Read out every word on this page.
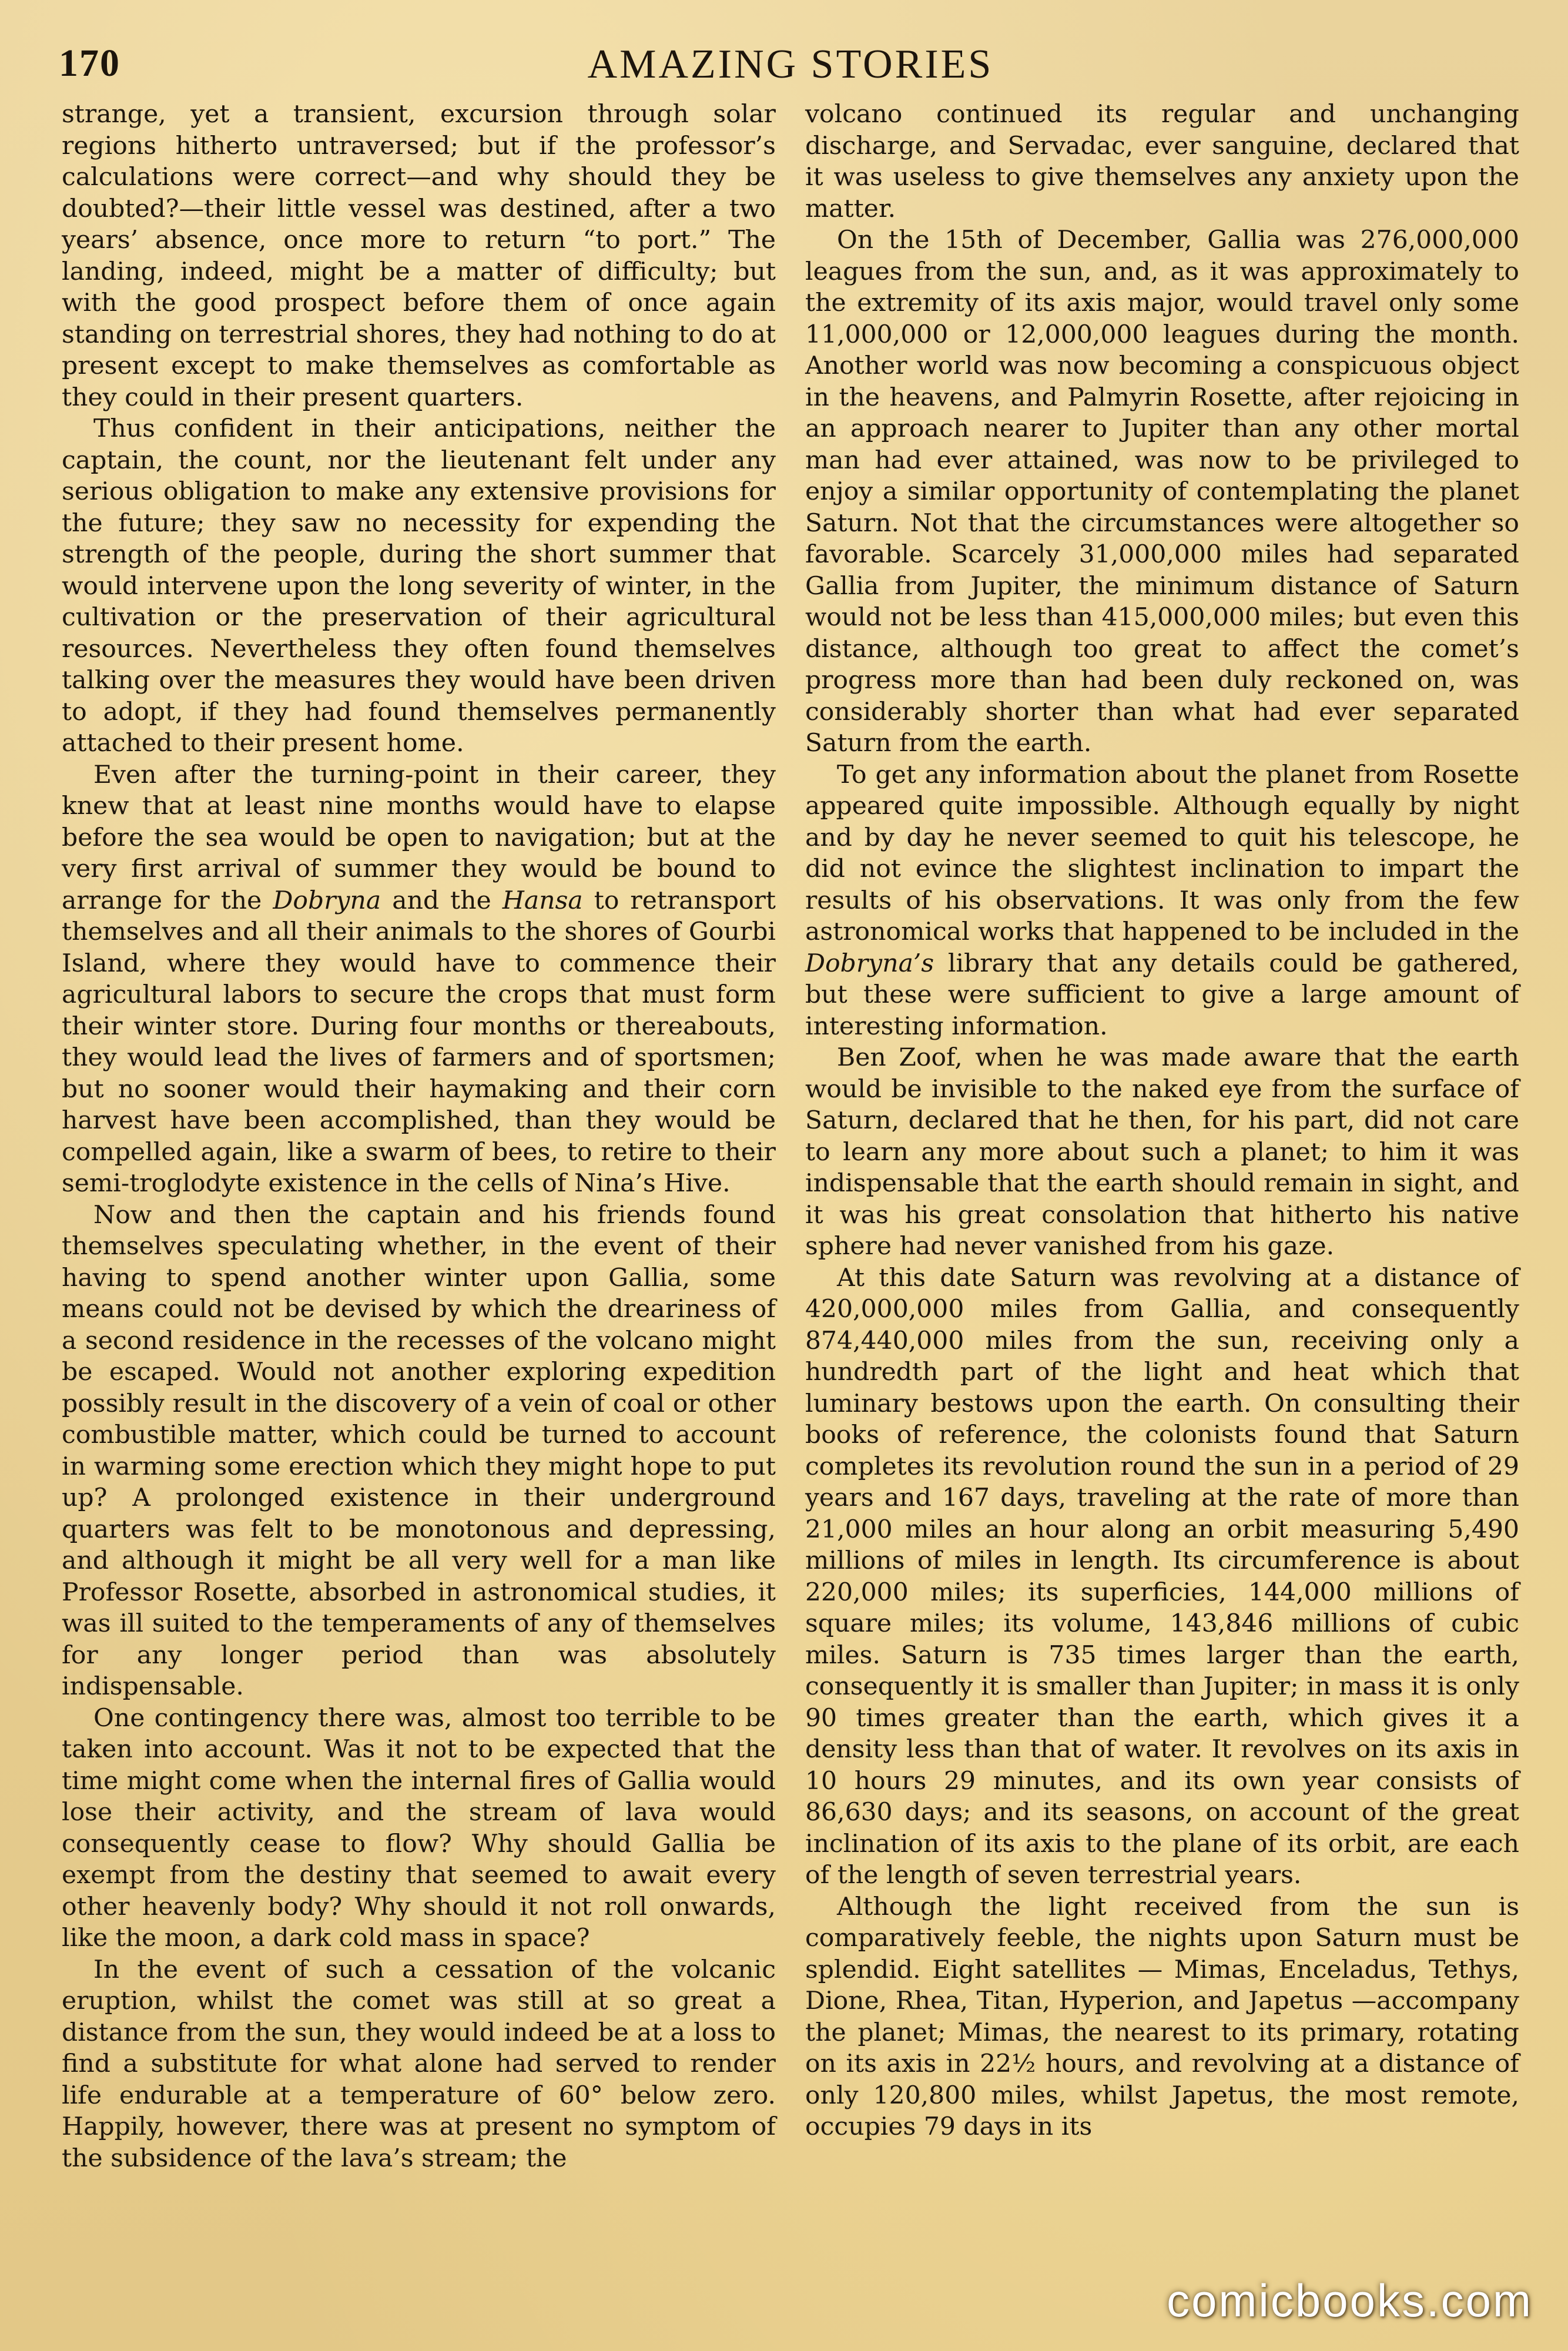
170	AMAZING STORIES

strange, yet a transient, excursion through solar regions hitherto untraversed; but if the professor’s calculations were correct—and why should they be doubted?—their little vessel was destined, after a two years’ absence, once more to return “to port.” The landing, indeed, might be a matter of difficulty; but with the good prospect before them of once again standing on terrestrial shores, they had nothing to do at present except to make themselves as comfortable as they could in their present quarters.

Thus confident in their anticipations, neither the captain, the count, nor the lieutenant felt under any serious obligation to make any extensive provisions for the future; they saw no necessity for expending the strength of the people, during the short summer that would intervene upon the long severity of winter, in the cultivation or the preservation of their agricultural resources. Nevertheless they often found themselves talking over the measures they would have been driven to adopt, if they had found themselves permanently attached to their present home.

Even after the turning-point in their career, they knew that at least nine months would have to elapse before the sea would be open to navigation; but at the very first arrival of summer they would be bound to arrange for the Dobryna and the Hansa to retransport themselves and all their animals to the shores of Gourbi Island, where they would have to commence their agricultural labors to secure the crops that must form their winter store. During four months or thereabouts, they would lead the lives of farmers and of sportsmen; but no sooner would their haymaking and their corn harvest have been accomplished, than they would be compelled again, like a swarm of bees, to retire to their semi-troglodyte existence in the cells of Nina’s Hive.

Now and then the captain and his friends found themselves speculating whether, in the event of their having to spend another winter upon Gallia, some means could not be devised by which the dreariness of a second residence in the recesses of the volcano might be escaped. Would not another exploring expedition possibly result in the discovery of a vein of coal or other combustible matter, which could be turned to account in warming some erection which they might hope to put up? A prolonged existence in their underground quarters was felt to be monotonous and depressing, and although it might be all very well for a man like Professor Rosette, absorbed in astronomical studies, it was ill suited to the temperaments of any of themselves for any longer period than was absolutely indispensable.

One contingency there was, almost too terrible to be taken into account. Was it not to be expected that the time might come when the internal fires of Gallia would lose their activity, and the stream of lava would consequently cease to flow? Why should Gallia be exempt from the destiny that seemed to await every other heavenly body? Why should it not roll onwards, like the moon, a dark cold mass in space?

In the event of such a cessation of the volcanic eruption, whilst the comet was still at so great a distance from the sun, they would indeed be at a loss to find a substitute for what alone had served to render life endurable at a temperature of 60° below zero. Happily, however, there was at present no symptom of the subsidence of the lava’s stream; the

volcano continued its regular and unchanging discharge, and Servadac, ever sanguine, declared that it was useless to give themselves any anxiety upon the matter.

On the 15th of December, Gallia was 276,000,000 leagues from the sun, and, as it was approximately to the extremity of its axis major, would travel only some 11,000,000 or 12,000,000 leagues during the month. Another world was now becoming a conspicuous object in the heavens, and Palmyrin Rosette, after rejoicing in an approach nearer to Jupiter than any other mortal man had ever attained, was now to be privileged to enjoy a similar opportunity of contemplating the planet Saturn. Not that the circumstances were altogether so favorable. Scarcely 31,000,000 miles had separated Gallia from Jupiter, the minimum distance of Saturn would not be less than 415,000,000 miles; but even this distance, although too great to affect the comet’s progress more than had been duly reckoned on, was considerably shorter than what had ever separated Saturn from the earth.

To get any information about the planet from Rosette appeared quite impossible. Although equally by night and by day he never seemed to quit his telescope, he did not evince the slightest inclination to impart the results of his observations. It was only from the few astronomical works that happened to be included in the Dobryna’s library that any details could be gathered, but these were sufficient to give a large amount of interesting information.

Ben Zoof, when he was made aware that the earth would be invisible to the naked eye from the surface of Saturn, declared that he then, for his part, did not care to learn any more about such a planet; to him it was indispensable that the earth should remain in sight, and it was his great consolation that hitherto his native sphere had never vanished from his gaze.

At this date Saturn was revolving at a distance of 420,000,000 miles from Gallia, and consequently 874,440,000 miles from the sun, receiving only a hundredth part of the light and heat which that luminary bestows upon the earth. On consulting their books of reference, the colonists found that Saturn completes its revolution round the sun in a period of 29 years and 167 days, traveling at the rate of more than 21,000 miles an hour along an orbit measuring 5,490 millions of miles in length. Its circumference is about 220,000 miles; its superficies, 144,000 millions of square miles; its volume, 143,846 millions of cubic miles. Saturn is 735 times larger than the earth, consequently it is smaller than Jupiter; in mass it is only 90 times greater than the earth, which gives it a density less than that of water. It revolves on its axis in 10 hours 29 minutes, and its own year consists of 86,630 days; and its seasons, on account of the great inclination of its axis to the plane of its orbit, are each of the length of seven terrestrial years.

Although the light received from the sun is comparatively feeble, the nights upon Saturn must be splendid. Eight satellites — Mimas, Enceladus, Tethys, Dione, Rhea, Titan, Hyperion, and Japetus —accompany the planet; Mimas, the nearest to its primary, rotating on its axis in 22½ hours, and revolving at a distance of only 120,800 miles, whilst Japetus, the most remote, occupies 79 days in its

comicbooks.com
